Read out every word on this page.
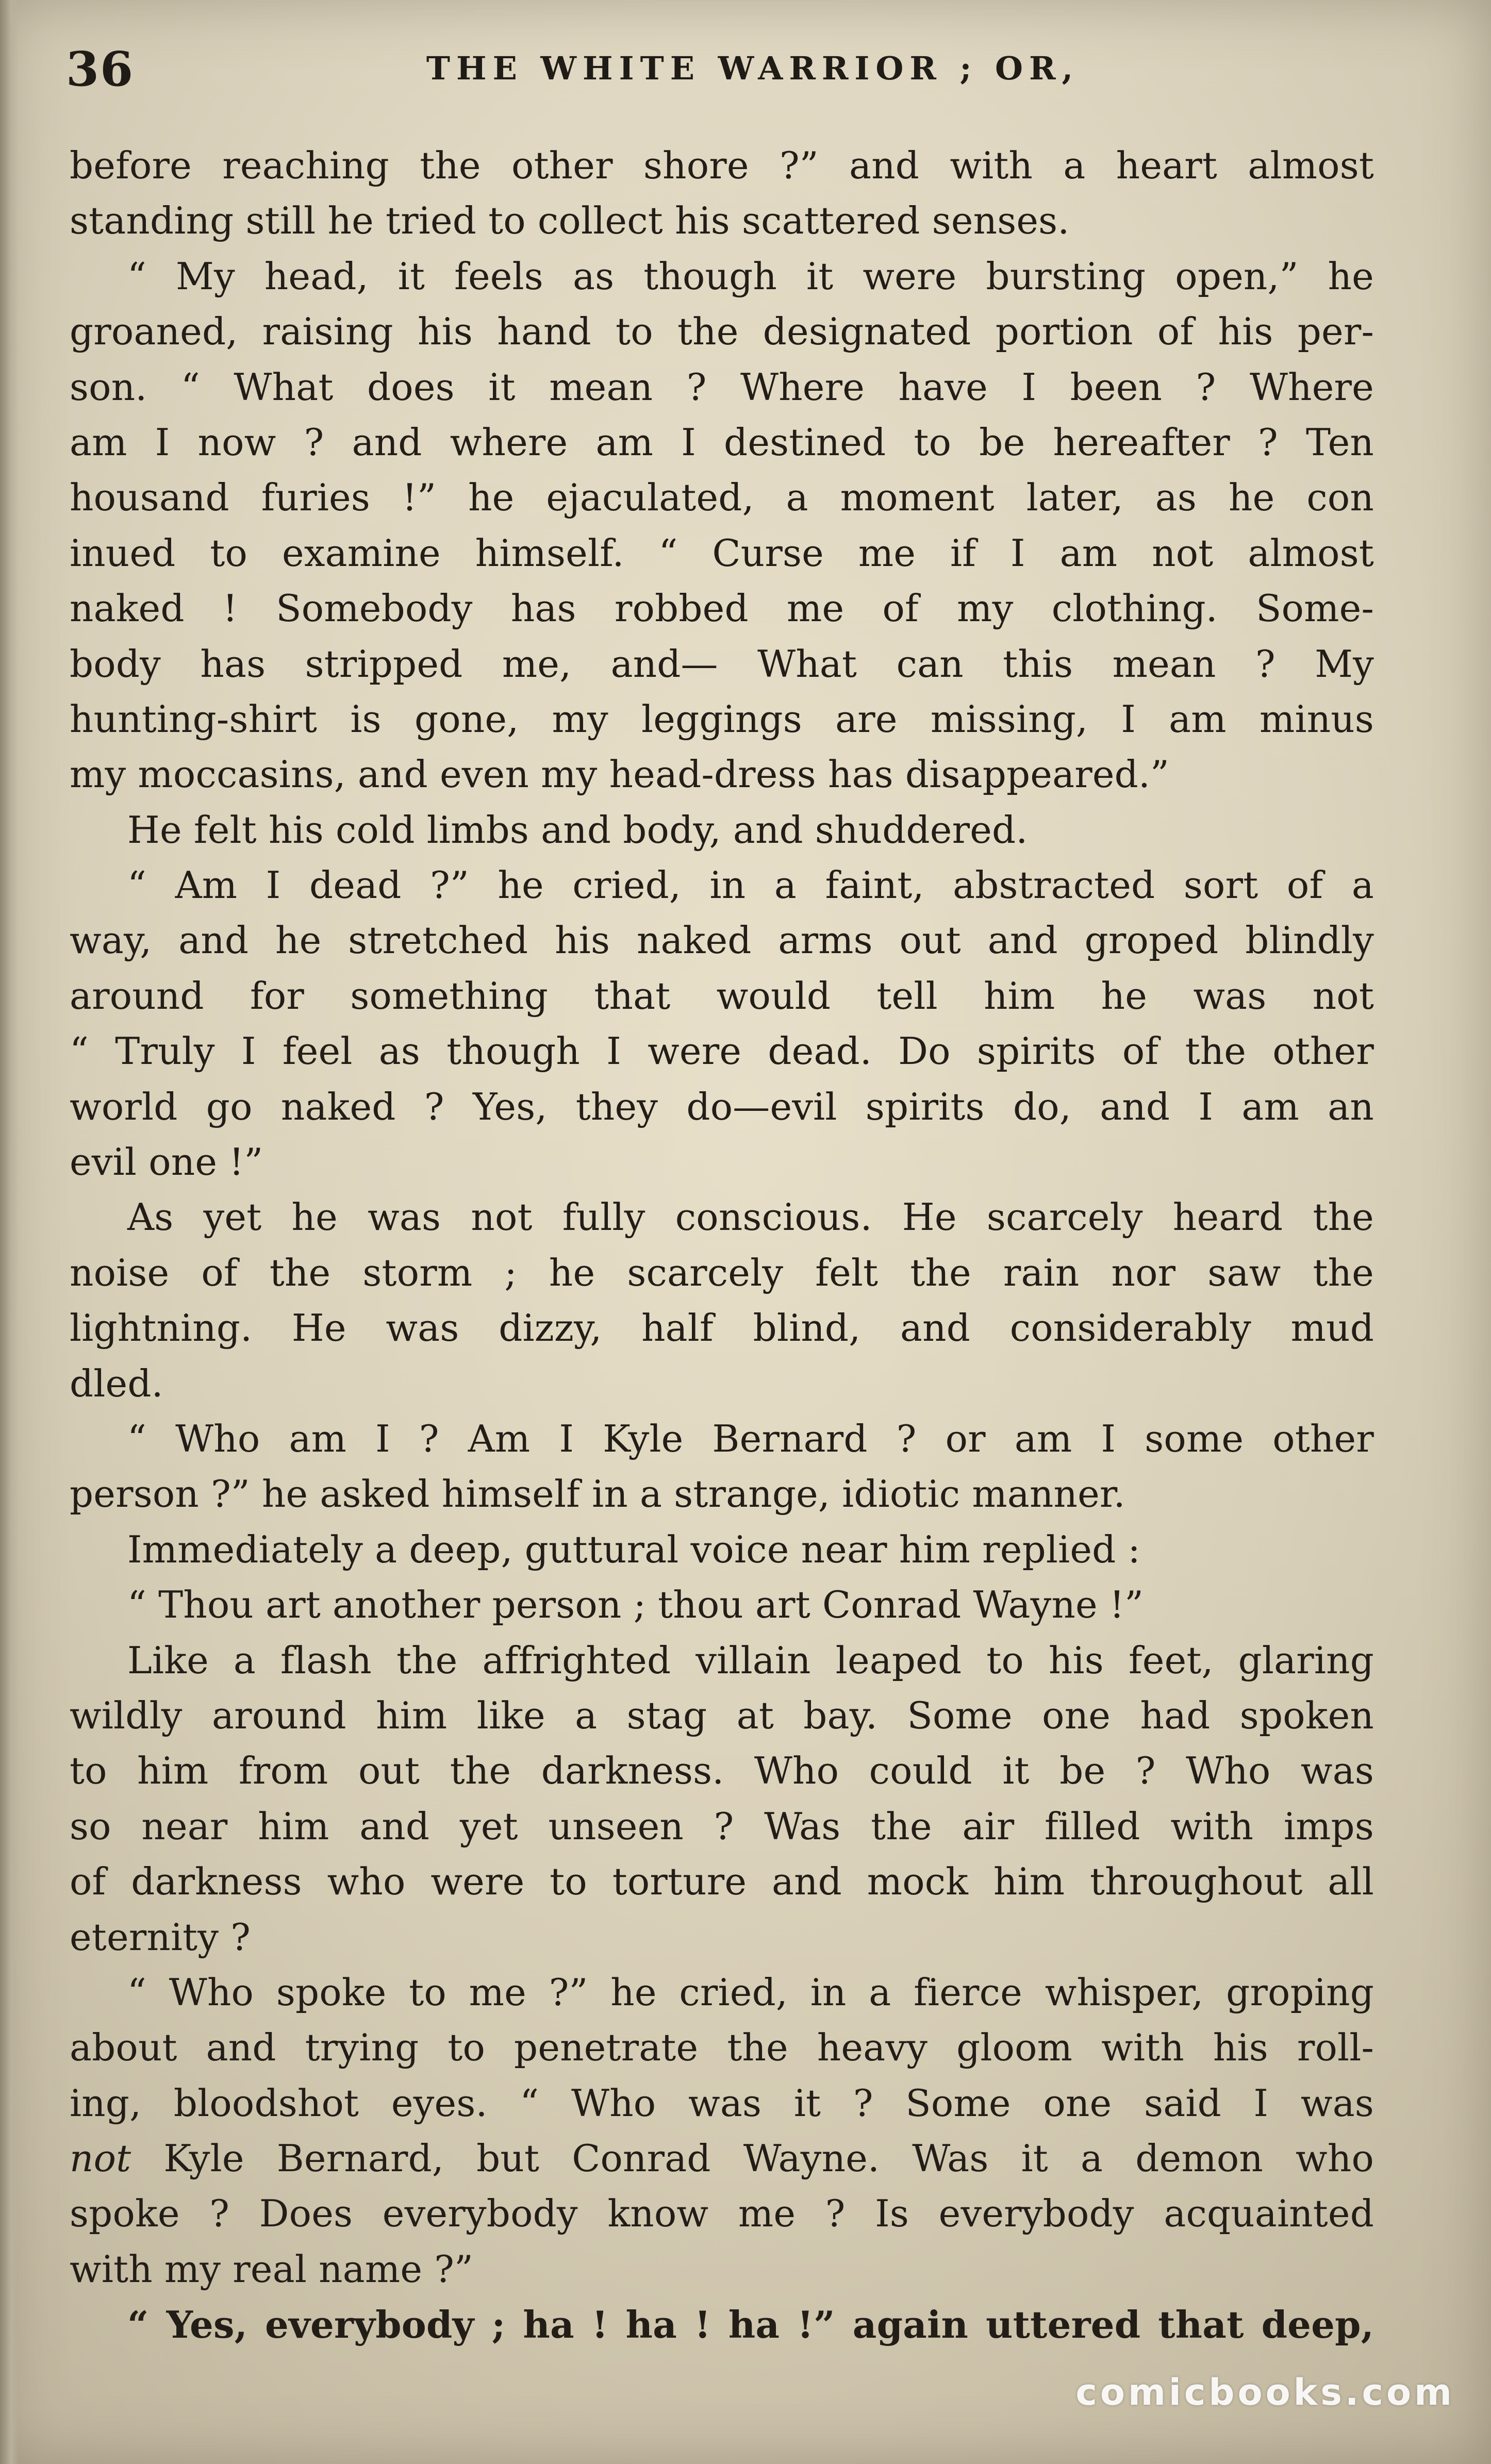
36	THE WHITE WARRIOR ; OR,
before reaching the other shore ?” and with a heart almost
standing still he tried to collect his scattered senses.
“ My head, it feels as though it were bursting open,” he
groaned, raising his hand to the designated portion of his per-
son. “ What does it mean ? Where have I been ? Where
am I now ? and where am I destined to be hereafter ? Ten
housand furies !” he ejaculated, a moment later, as he con
inued to examine himself. “ Curse me if I am not almost
naked ! Somebody has robbed me of my clothing. Some-
body has stripped me, and— What can this mean ? My
hunting-shirt is gone, my leggings are missing, I am minus
my moccasins, and even my head-dress has disappeared.”
He felt his cold limbs and body, and shuddered.
“ Am I dead ?” he cried, in a faint, abstracted sort of a
way, and he stretched his naked arms out and groped blindly
around for something that would tell him he was not
“ Truly I feel as though I were dead. Do spirits of the other
world go naked ? Yes, they do—evil spirits do, and I am an
evil one !”
As yet he was not fully conscious. He scarcely heard the
noise of the storm ; he scarcely felt the rain nor saw the
lightning. He was dizzy, half blind, and considerably mud
dled.
“ Who am I ? Am I Kyle Bernard ? or am I some other
person ?” he asked himself in a strange, idiotic manner.
Immediately a deep, guttural voice near him replied :
“ Thou art another person ; thou art Conrad Wayne !”
Like a flash the affrighted villain leaped to his feet, glaring
wildly around him like a stag at bay. Some one had spoken
to him from out the darkness. Who could it be ? Who was
so near him and yet unseen ? Was the air filled with imps
of darkness who were to torture and mock him throughout all
eternity ?
“ Who spoke to me ?” he cried, in a fierce whisper, groping
about and trying to penetrate the heavy gloom with his roll-
ing, bloodshot eyes. “ Who was it ? Some one said I was
not Kyle Bernard, but Conrad Wayne. Was it a demon who
spoke ? Does everybody know me ? Is everybody acquainted
with my real name ?”
“ Yes, everybody ; ha ! ha ! ha !” again uttered that deep,
comicbooks.com
